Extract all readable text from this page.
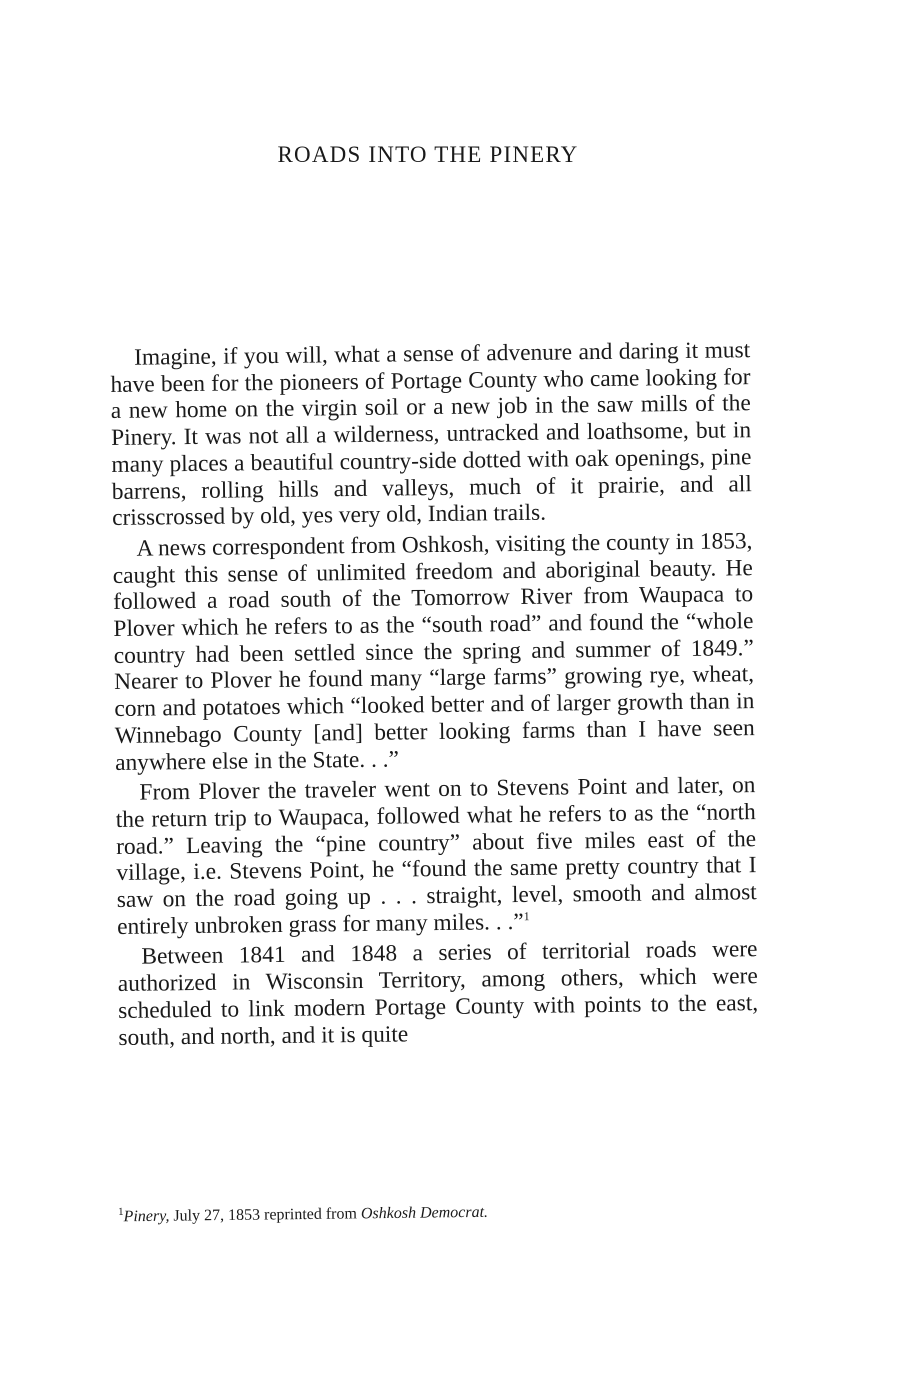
ROADS INTO THE PINERY

Imagine, if you will, what a sense of advenure and daring it must have been for the pioneers of Portage County who came looking for a new home on the virgin soil or a new job in the saw mills of the Pinery. It was not all a wilderness, untracked and loathsome, but in many places a beautiful country-side dotted with oak openings, pine barrens, rolling hills and valleys, much of it prairie, and all crisscrossed by old, yes very old, Indian trails.

A news correspondent from Oshkosh, visiting the county in 1853, caught this sense of unlimited freedom and aboriginal beauty. He followed a road south of the Tomorrow River from Waupaca to Plover which he refers to as the “south road” and found the “whole country had been settled since the spring and summer of 1849.” Nearer to Plover he found many “large farms” growing rye, wheat, corn and potatoes which “looked better and of larger growth than in Winnebago County [and] better looking farms than I have seen anywhere else in the State. . .”

From Plover the traveler went on to Stevens Point and later, on the return trip to Waupaca, followed what he refers to as the “north road.” Leaving the “pine country” about five miles east of the village, i.e. Stevens Point, he “found the same pretty country that I saw on the road going up . . . straight, level, smooth and almost entirely unbroken grass for many miles. . .”$^1$

Between 1841 and 1848 a series of territorial roads were authorized in Wisconsin Territory, among others, which were scheduled to link modern Portage County with points to the east, south, and north, and it is quite

$^1$Pinery, July 27, 1853 reprinted from Oshkosh Democrat.
